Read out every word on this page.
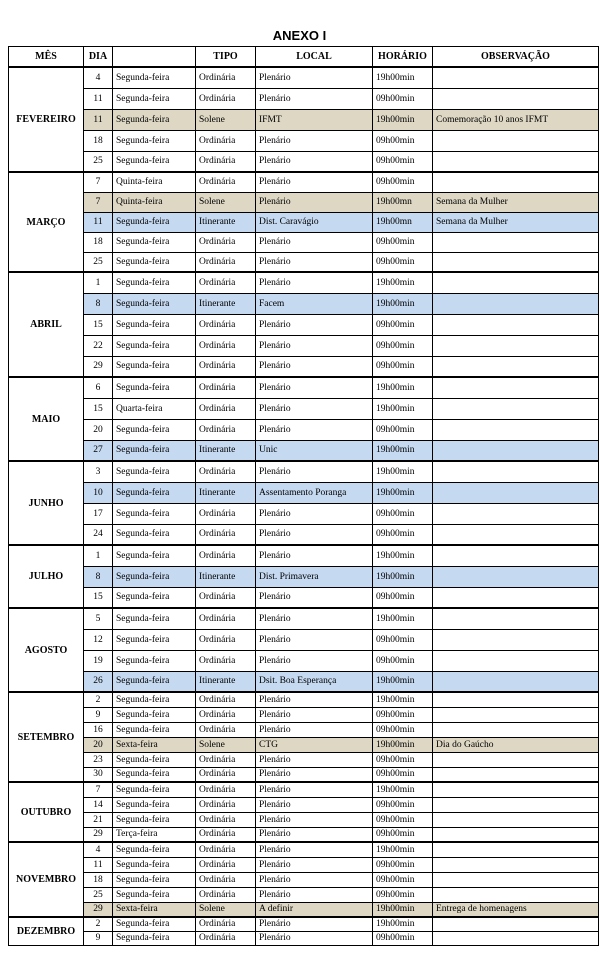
ANEXO I
MÊS	DIA		TIPO	LOCAL	HORÁRIO	OBSERVAÇÃO
FEVEREIRO	4	Segunda-feira	Ordinária	Plenário	19h00min	
	11	Segunda-feira	Ordinária	Plenário	09h00min	
	11	Segunda-feira	Solene	IFMT	19h00min	Comemoração 10 anos IFMT
	18	Segunda-feira	Ordinária	Plenário	09h00min	
	25	Segunda-feira	Ordinária	Plenário	09h00min	
MARÇO	7	Quinta-feira	Ordinária	Plenário	09h00min	
	7	Quinta-feira	Solene	Plenário	19h00mn	Semana da Mulher
	11	Segunda-feira	Itinerante	Dist. Caravágio	19h00mn	Semana da Mulher
	18	Segunda-feira	Ordinária	Plenário	09h00min	
	25	Segunda-feira	Ordinária	Plenário	09h00min	
ABRIL	1	Segunda-feira	Ordinária	Plenário	19h00min	
	8	Segunda-feira	Itinerante	Facem	19h00min	
	15	Segunda-feira	Ordinária	Plenário	09h00min	
	22	Segunda-feira	Ordinária	Plenário	09h00min	
	29	Segunda-feira	Ordinária	Plenário	09h00min	
MAIO	6	Segunda-feira	Ordinária	Plenário	19h00min	
	15	Quarta-feira	Ordinária	Plenário	19h00min	
	20	Segunda-feira	Ordinária	Plenário	09h00min	
	27	Segunda-feira	Itinerante	Unic	19h00min	
JUNHO	3	Segunda-feira	Ordinária	Plenário	19h00min	
	10	Segunda-feira	Itinerante	Assentamento Poranga	19h00min	
	17	Segunda-feira	Ordinária	Plenário	09h00min	
	24	Segunda-feira	Ordinária	Plenário	09h00min	
JULHO	1	Segunda-feira	Ordinária	Plenário	19h00min	
	8	Segunda-feira	Itinerante	Dist. Primavera	19h00min	
	15	Segunda-feira	Ordinária	Plenário	09h00min	
AGOSTO	5	Segunda-feira	Ordinária	Plenário	19h00min	
	12	Segunda-feira	Ordinária	Plenário	09h00min	
	19	Segunda-feira	Ordinária	Plenário	09h00min	
	26	Segunda-feira	Itinerante	Dsit. Boa Esperança	19h00min	
SETEMBRO	2	Segunda-feira	Ordinária	Plenário	19h00min	
	9	Segunda-feira	Ordinária	Plenário	09h00min	
	16	Segunda-feira	Ordinária	Plenário	09h00min	
	20	Sexta-feira	Solene	CTG	19h00min	Dia do Gaúcho
	23	Segunda-feira	Ordinária	Plenário	09h00min	
	30	Segunda-feira	Ordinária	Plenário	09h00min	
OUTUBRO	7	Segunda-feira	Ordinária	Plenário	19h00min	
	14	Segunda-feira	Ordinária	Plenário	09h00min	
	21	Segunda-feira	Ordinária	Plenário	09h00min	
	29	Terça-feira	Ordinária	Plenário	09h00min	
NOVEMBRO	4	Segunda-feira	Ordinária	Plenário	19h00min	
	11	Segunda-feira	Ordinária	Plenário	09h00min	
	18	Segunda-feira	Ordinária	Plenário	09h00min	
	25	Segunda-feira	Ordinária	Plenário	09h00min	
	29	Sexta-feira	Solene	A definir	19h00min	Entrega de homenagens
DEZEMBRO	2	Segunda-feira	Ordinária	Plenário	19h00min	
	9	Segunda-feira	Ordinária	Plenário	09h00min	
